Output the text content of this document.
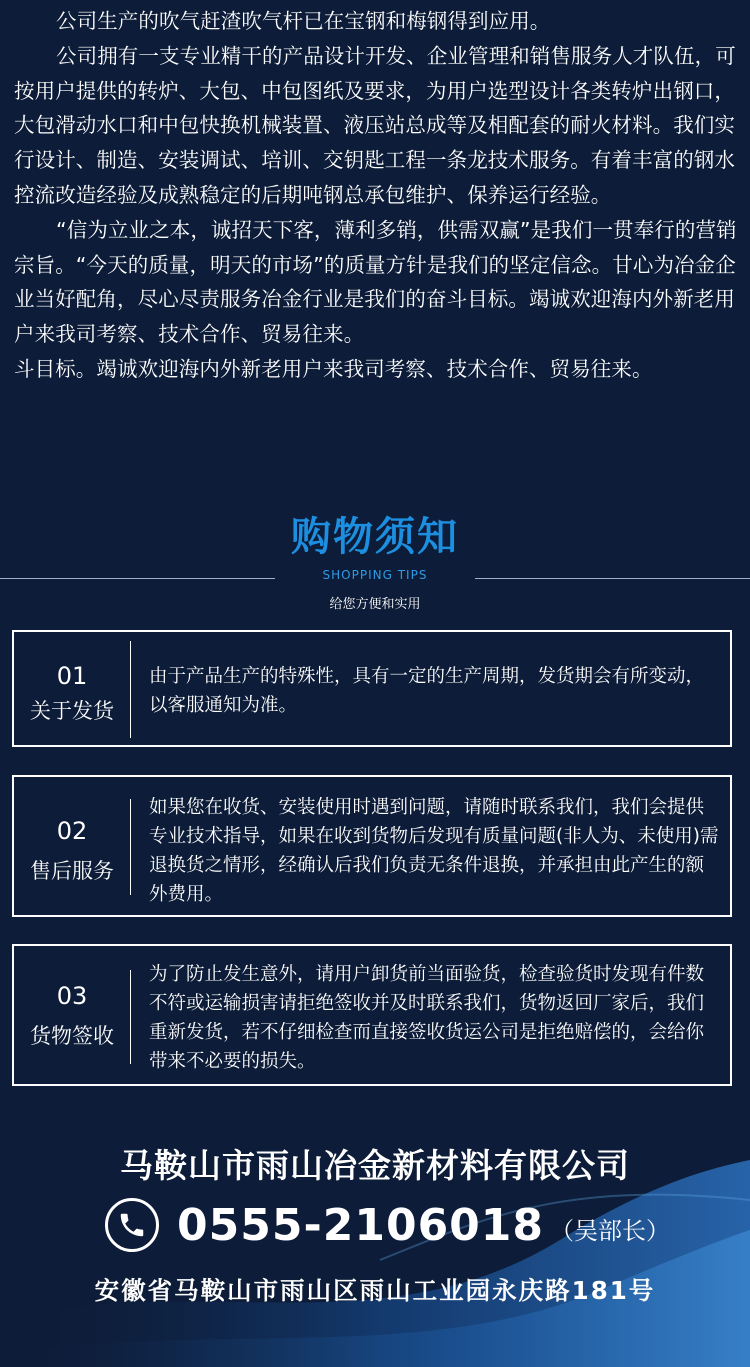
公司生产的吹气赶渣吹气杆已在宝钢和梅钢得到应用。

公司拥有一支专业精干的产品设计开发、企业管理和销售服务人才队伍，可按用户提供的转炉、大包、中包图纸及要求，为用户选型设计各类转炉出钢口，大包滑动水口和中包快换机械装置、液压站总成等及相配套的耐火材料。我们实行设计、制造、安装调试、培训、交钥匙工程一条龙技术服务。有着丰富的钢水控流改造经验及成熟稳定的后期吨钢总承包维护、保养运行经验。

“信为立业之本，诚招天下客，薄利多销，供需双赢”是我们一贯奉行的营销宗旨。“今天的质量，明天的市场”的质量方针是我们的坚定信念。甘心为冶金企业当好配角，尽心尽责服务冶金行业是我们的奋斗目标。竭诚欢迎海内外新老用户来我司考察、技术合作、贸易往来。

斗目标。竭诚欢迎海内外新老用户来我司考察、技术合作、贸易往来。

购物须知
SHOPPING TIPS
给您方便和实用
01
关于发货
由于产品生产的特殊性，具有一定的生产周期，发货期会有所变动，以客服通知为准。
02
售后服务
如果您在收货、安装使用时遇到问题，请随时联系我们，我们会提供专业技术指导，如果在收到货物后发现有质量问题(非人为、未使用)需退换货之情形，经确认后我们负责无条件退换，并承担由此产生的额外费用。
03
货物签收
为了防止发生意外，请用户卸货前当面验货，检查验货时发现有件数不符或运输损害请拒绝签收并及时联系我们，货物返回厂家后，我们重新发货，若不仔细检查而直接签收货运公司是拒绝赔偿的，会给你带来不必要的损失。
马鞍山市雨山冶金新材料有限公司
0555-2106018 （吴部长）
安徽省马鞍山市雨山区雨山工业园永庆路181号
